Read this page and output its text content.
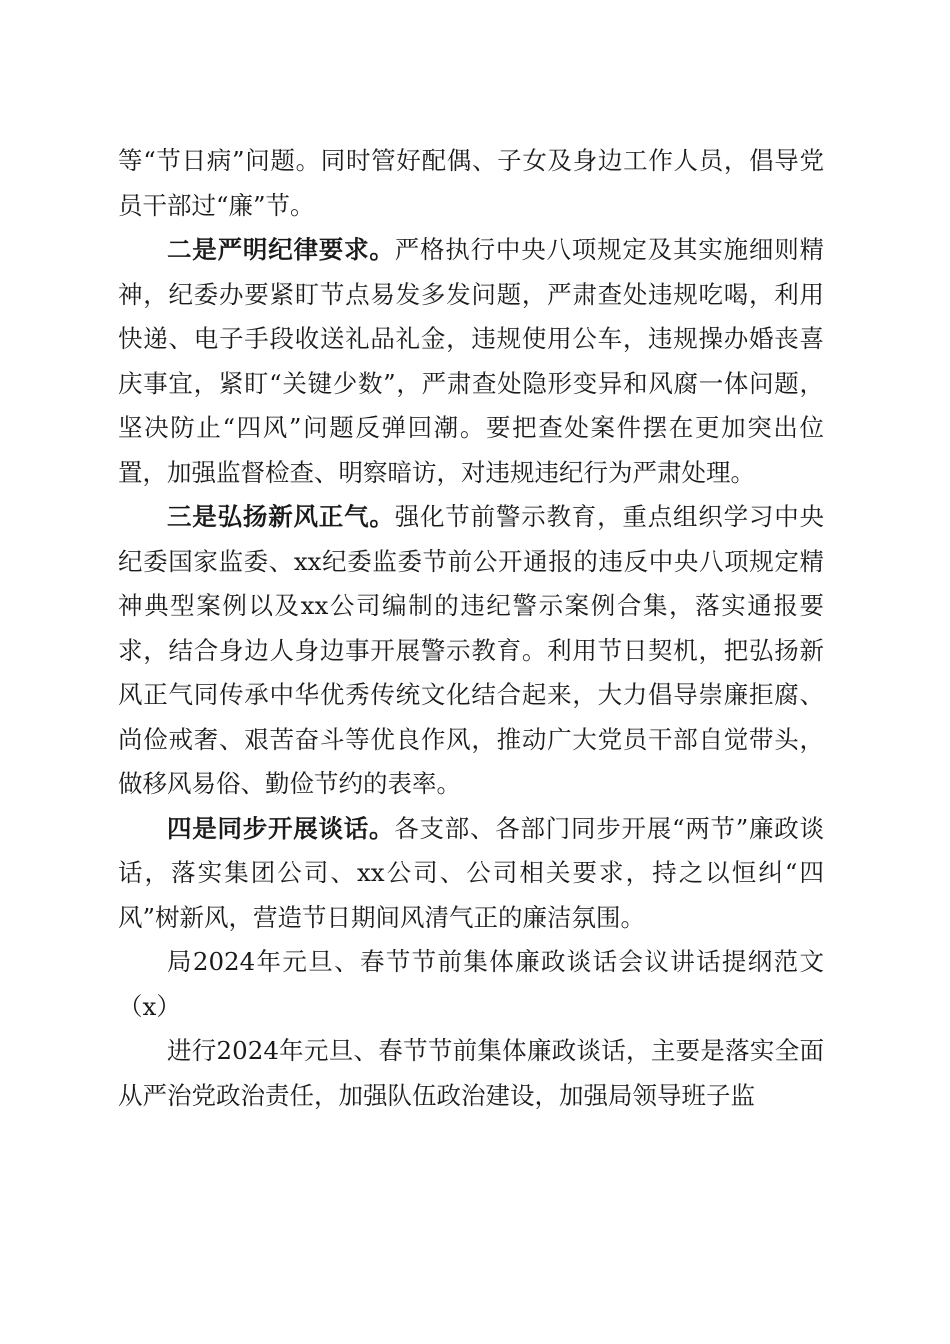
等“节日病”问题。同时管好配偶、子女及身边工作人员，倡导党员干部过“廉”节。

二是严明纪律要求。严格执行中央八项规定及其实施细则精神，纪委办要紧盯节点易发多发问题，严肃查处违规吃喝，利用快递、电子手段收送礼品礼金，违规使用公车，违规操办婚丧喜庆事宜，紧盯“关键少数”，严肃查处隐形变异和风腐一体问题，坚决防止“四风”问题反弹回潮。要把查处案件摆在更加突出位置，加强监督检查、明察暗访，对违规违纪行为严肃处理。

三是弘扬新风正气。强化节前警示教育，重点组织学习中央纪委国家监委、xx纪委监委节前公开通报的违反中央八项规定精神典型案例以及xx公司编制的违纪警示案例合集，落实通报要求，结合身边人身边事开展警示教育。利用节日契机，把弘扬新风正气同传承中华优秀传统文化结合起来，大力倡导崇廉拒腐、尚俭戒奢、艰苦奋斗等优良作风，推动广大党员干部自觉带头，做移风易俗、勤俭节约的表率。

四是同步开展谈话。各支部、各部门同步开展“两节”廉政谈话，落实集团公司、xx公司、公司相关要求，持之以恒纠“四风”树新风，营造节日期间风清气正的廉洁氛围。

局2024年元旦、春节节前集体廉政谈话会议讲话提纲范文（x）

进行2024年元旦、春节节前集体廉政谈话，主要是落实全面从严治党政治责任，加强队伍政治建设，加强局领导班子监
